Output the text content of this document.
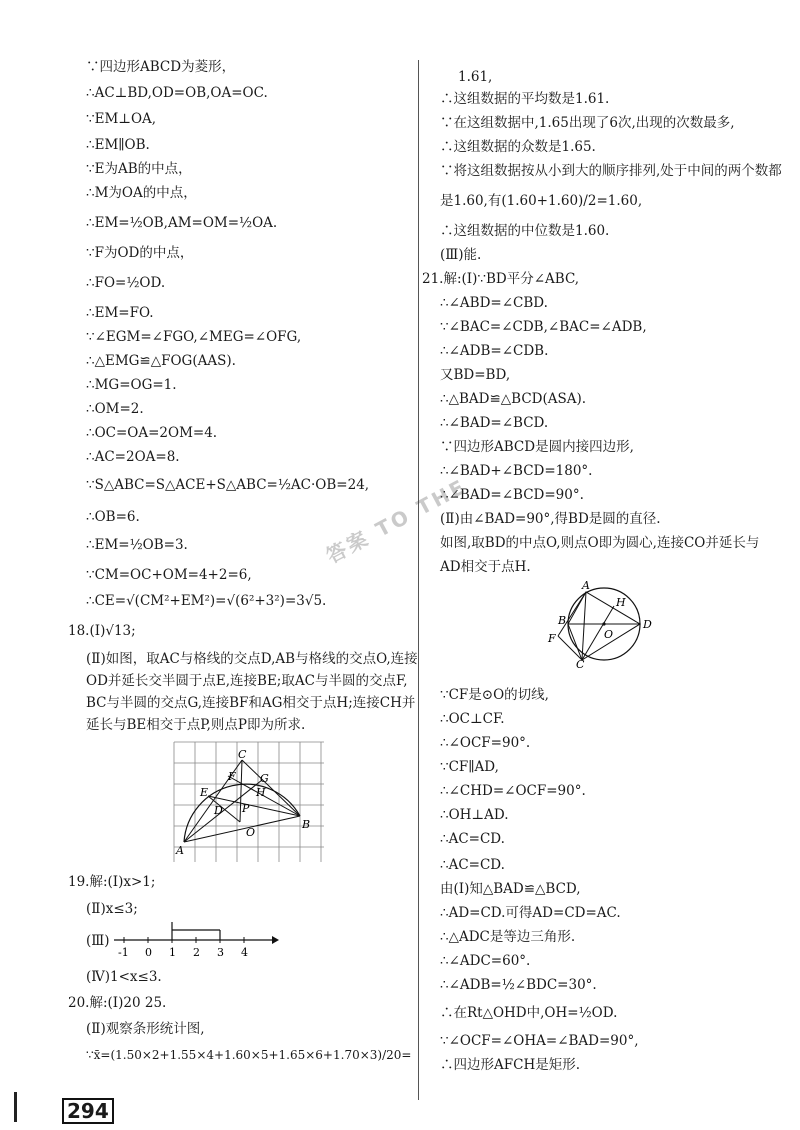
∵四边形ABCD为菱形，
∴AC⊥BD,OD=OB,OA=OC.
∵EM⊥OA,
∴EM∥OB.
∵E为AB的中点，
∴M为OA的中点，
∴EM=½OB,AM=OM=½OA.
∵F为OD的中点，
∴FO=½OD.
∴EM=FO.
∵∠EGM=∠FGO,∠MEG=∠OFG,
∴△EMG≌△FOG(AAS).
∴MG=OG=1.
∴OM=2.
∴OC=OA=2OM=4.
∴AC=2OA=8.
∵S△ABC=S△ACE+S△ABC=½AC·OB=24,
∴OB=6.
∴EM=½OB=3.
∵CM=OC+OM=4+2=6,
∴CE=√(CM²+EM²)=√(6²+3²)=3√5.
18.(Ⅰ)√13;
(Ⅱ)如图，取AC与格线的交点D,AB与格线的交点O,连接
OD并延长交半圆于点E,连接BE;取AC与半圆的交点F,
BC与半圆的交点G,连接BF和AG相交于点H;连接CH并
延长与BE相交于点P,则点P即为所求.
19.解:(Ⅰ)x>1;
(Ⅱ)x≤3;
(Ⅲ)
(Ⅳ)1<x≤3.
20.解:(Ⅰ)20 25.
(Ⅱ)观察条形统计图,
∵x̄=(1.50×2+1.55×4+1.60×5+1.65×6+1.70×3)/20=
1.61,
∴这组数据的平均数是1.61.
∵在这组数据中,1.65出现了6次,出现的次数最多,
∴这组数据的众数是1.65.
∵将这组数据按从小到大的顺序排列,处于中间的两个数都
是1.60,有(1.60+1.60)/2=1.60,
∴这组数据的中位数是1.60.
(Ⅲ)能.
21.解:(Ⅰ)∵BD平分∠ABC,
∴∠ABD=∠CBD.
∵∠BAC=∠CDB,∠BAC=∠ADB,
∴∠ADB=∠CDB.
又BD=BD,
∴△BAD≌△BCD(ASA).
∴∠BAD=∠BCD.
∵四边形ABCD是圆内接四边形,
∴∠BAD+∠BCD=180°.
∴∠BAD=∠BCD=90°.
(Ⅱ)由∠BAD=90°,得BD是圆的直径.
如图,取BD的中点O,则点O即为圆心,连接CO并延长与
AD相交于点H.
∵CF是⊙O的切线,
∴OC⊥CF.
∴∠OCF=90°.
∵CF∥AD,
∴∠CHD=∠OCF=90°.
∴OH⊥AD.
∴AC=CD.
∴AC=CD.
由(Ⅰ)知△BAD≌△BCD,
∴AD=CD.可得AD=CD=AC.
∴△ADC是等边三角形.
∴∠ADC=60°.
∴∠ADB=½∠BDC=30°.
∴在Rt△OHD中,OH=½OD.
∵∠OCF=∠OHA=∠BAD=90°,
∴四边形AFCH是矩形.
C
F G
E	H
P
D
O
B
A
-1 0 1 2 3 4
A
H
B
O
D
F
C
答案 TO THE
294
